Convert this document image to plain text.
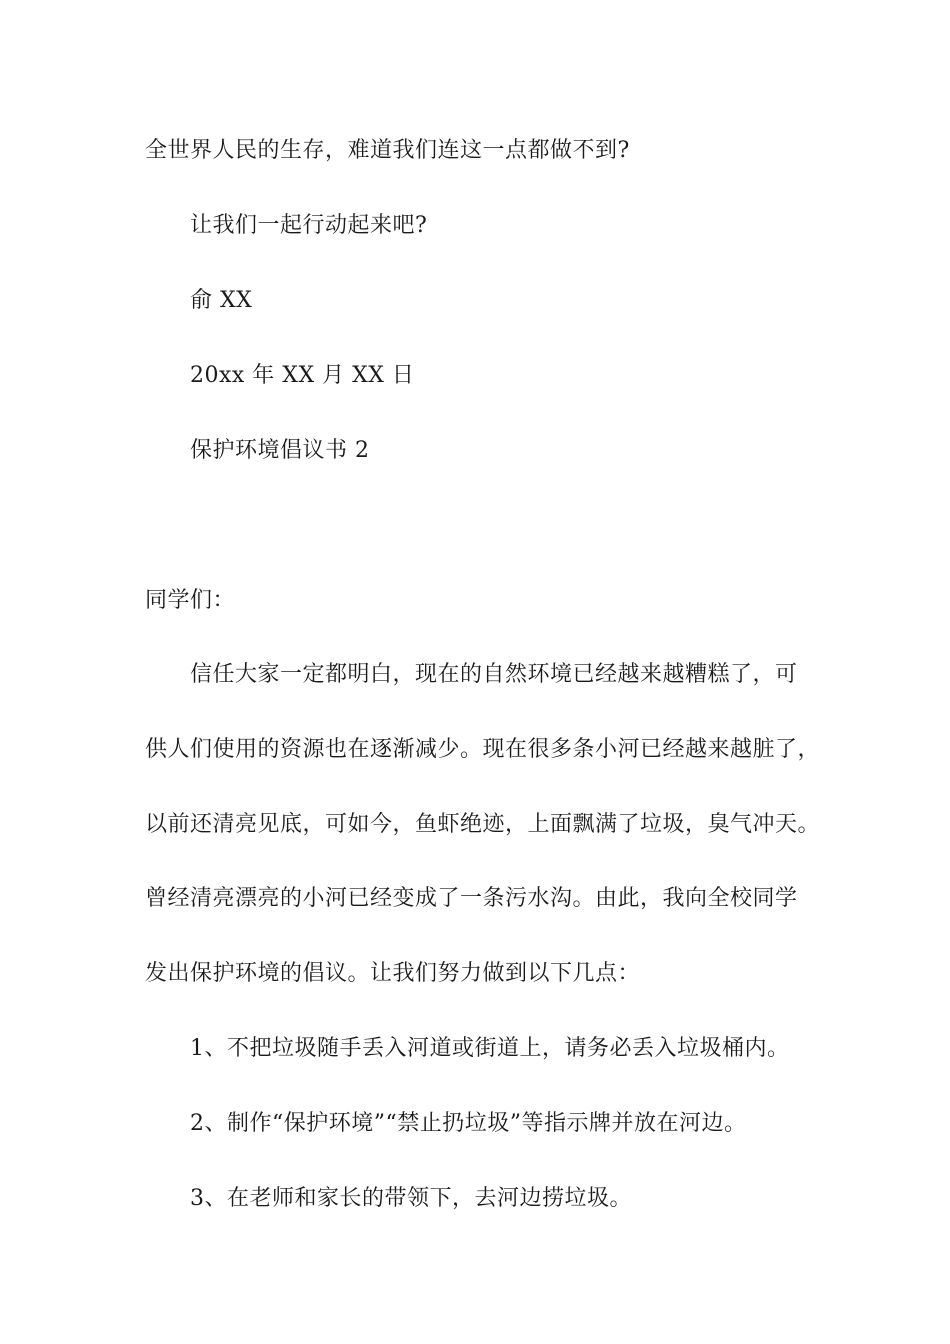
全世界人民的生存，难道我们连这一点都做不到?
让我们一起行动起来吧?
俞 XX
20xx 年 XX 月 XX 日
保护环境倡议书 2
同学们：
信任大家一定都明白，现在的自然环境已经越来越糟糕了，可
供人们使用的资源也在逐渐减少。现在很多条小河已经越来越脏了，
以前还清亮见底，可如今，鱼虾绝迹，上面飘满了垃圾，臭气冲天。
曾经清亮漂亮的小河已经变成了一条污水沟。由此，我向全校同学
发出保护环境的倡议。让我们努力做到以下几点：
1、不把垃圾随手丢入河道或街道上，请务必丢入垃圾桶内。
2、制作“保护环境”“禁止扔垃圾”等指示牌并放在河边。
3、在老师和家长的带领下，去河边捞垃圾。
